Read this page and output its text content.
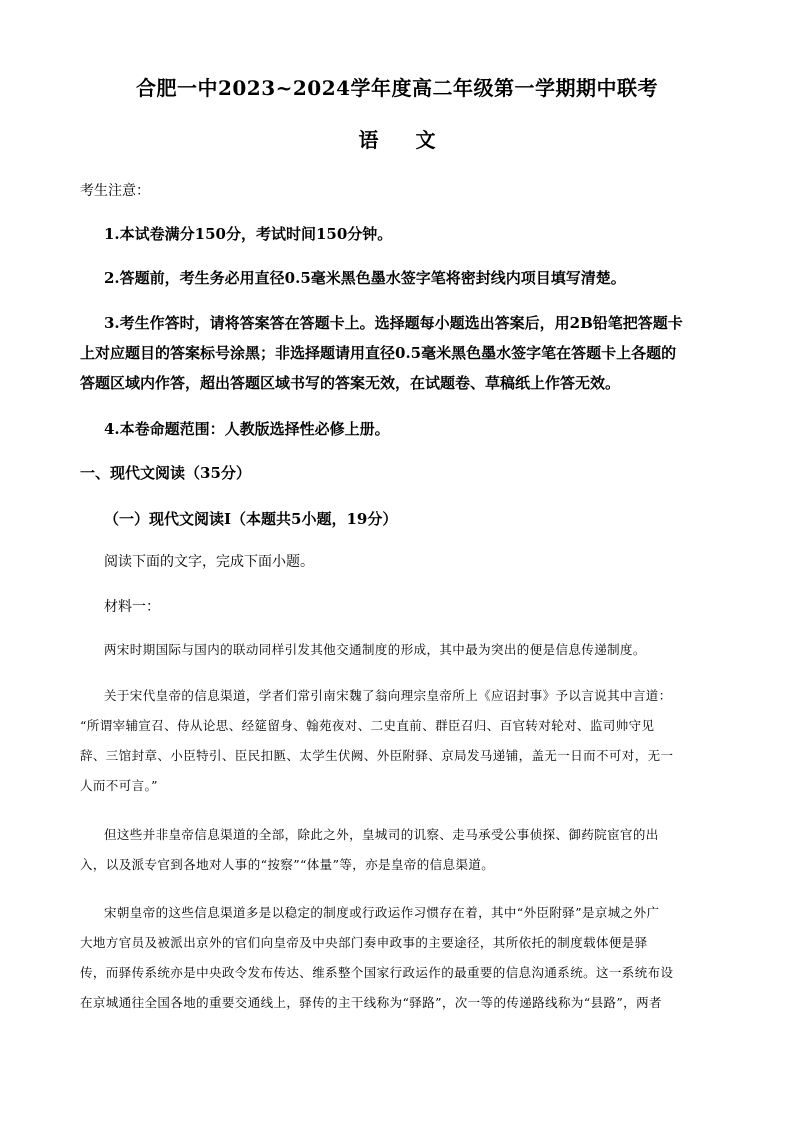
合肥一中2023~2024学年度高二年级第一学期期中联考
语 文
考生注意：
1.本试卷满分150分，考试时间150分钟。
2.答题前，考生务必用直径0.5毫米黑色墨水签字笔将密封线内项目填写清楚。
3.考生作答时，请将答案答在答题卡上。选择题每小题选出答案后，用2B铅笔把答题卡
上对应题目的答案标号涂黑；非选择题请用直径0.5毫米黑色墨水签字笔在答题卡上各题的
答题区域内作答，超出答题区域书写的答案无效，在试题卷、草稿纸上作答无效。
4.本卷命题范围：人教版选择性必修上册。
一、现代文阅读（35分）
（一）现代文阅读Ⅰ（本题共5小题，19分）
阅读下面的文字，完成下面小题。
材料一：
两宋时期国际与国内的联动同样引发其他交通制度的形成，其中最为突出的便是信息传递制度。
关于宋代皇帝的信息渠道，学者们常引南宋魏了翁向理宗皇帝所上《应诏封事》予以言说其中言道：
“所谓宰辅宣召、侍从论思、经筵留身、翰苑夜对、二史直前、群臣召归、百官转对轮对、监司帅守见
辞、三馆封章、小臣特引、臣民扣匦、太学生伏阙、外臣附驿、京局发马递铺，盖无一日而不可对，无一
人而不可言。”
但这些并非皇帝信息渠道的全部，除此之外，皇城司的讥察、走马承受公事侦探、御药院宦官的出
入，以及派专官到各地对人事的“按察”“体量”等，亦是皇帝的信息渠道。
宋朝皇帝的这些信息渠道多是以稳定的制度或行政运作习惯存在着，其中“外臣附驿”是京城之外广
大地方官员及被派出京外的官们向皇帝及中央部门奏申政事的主要途径，其所依托的制度载体便是驿
传，而驿传系统亦是中央政令发布传达、维系整个国家行政运作的最重要的信息沟通系统。这一系统布设
在京城通往全国各地的重要交通线上，驿传的主干线称为“驿路”，次一等的传递路线称为“县路”，两者
